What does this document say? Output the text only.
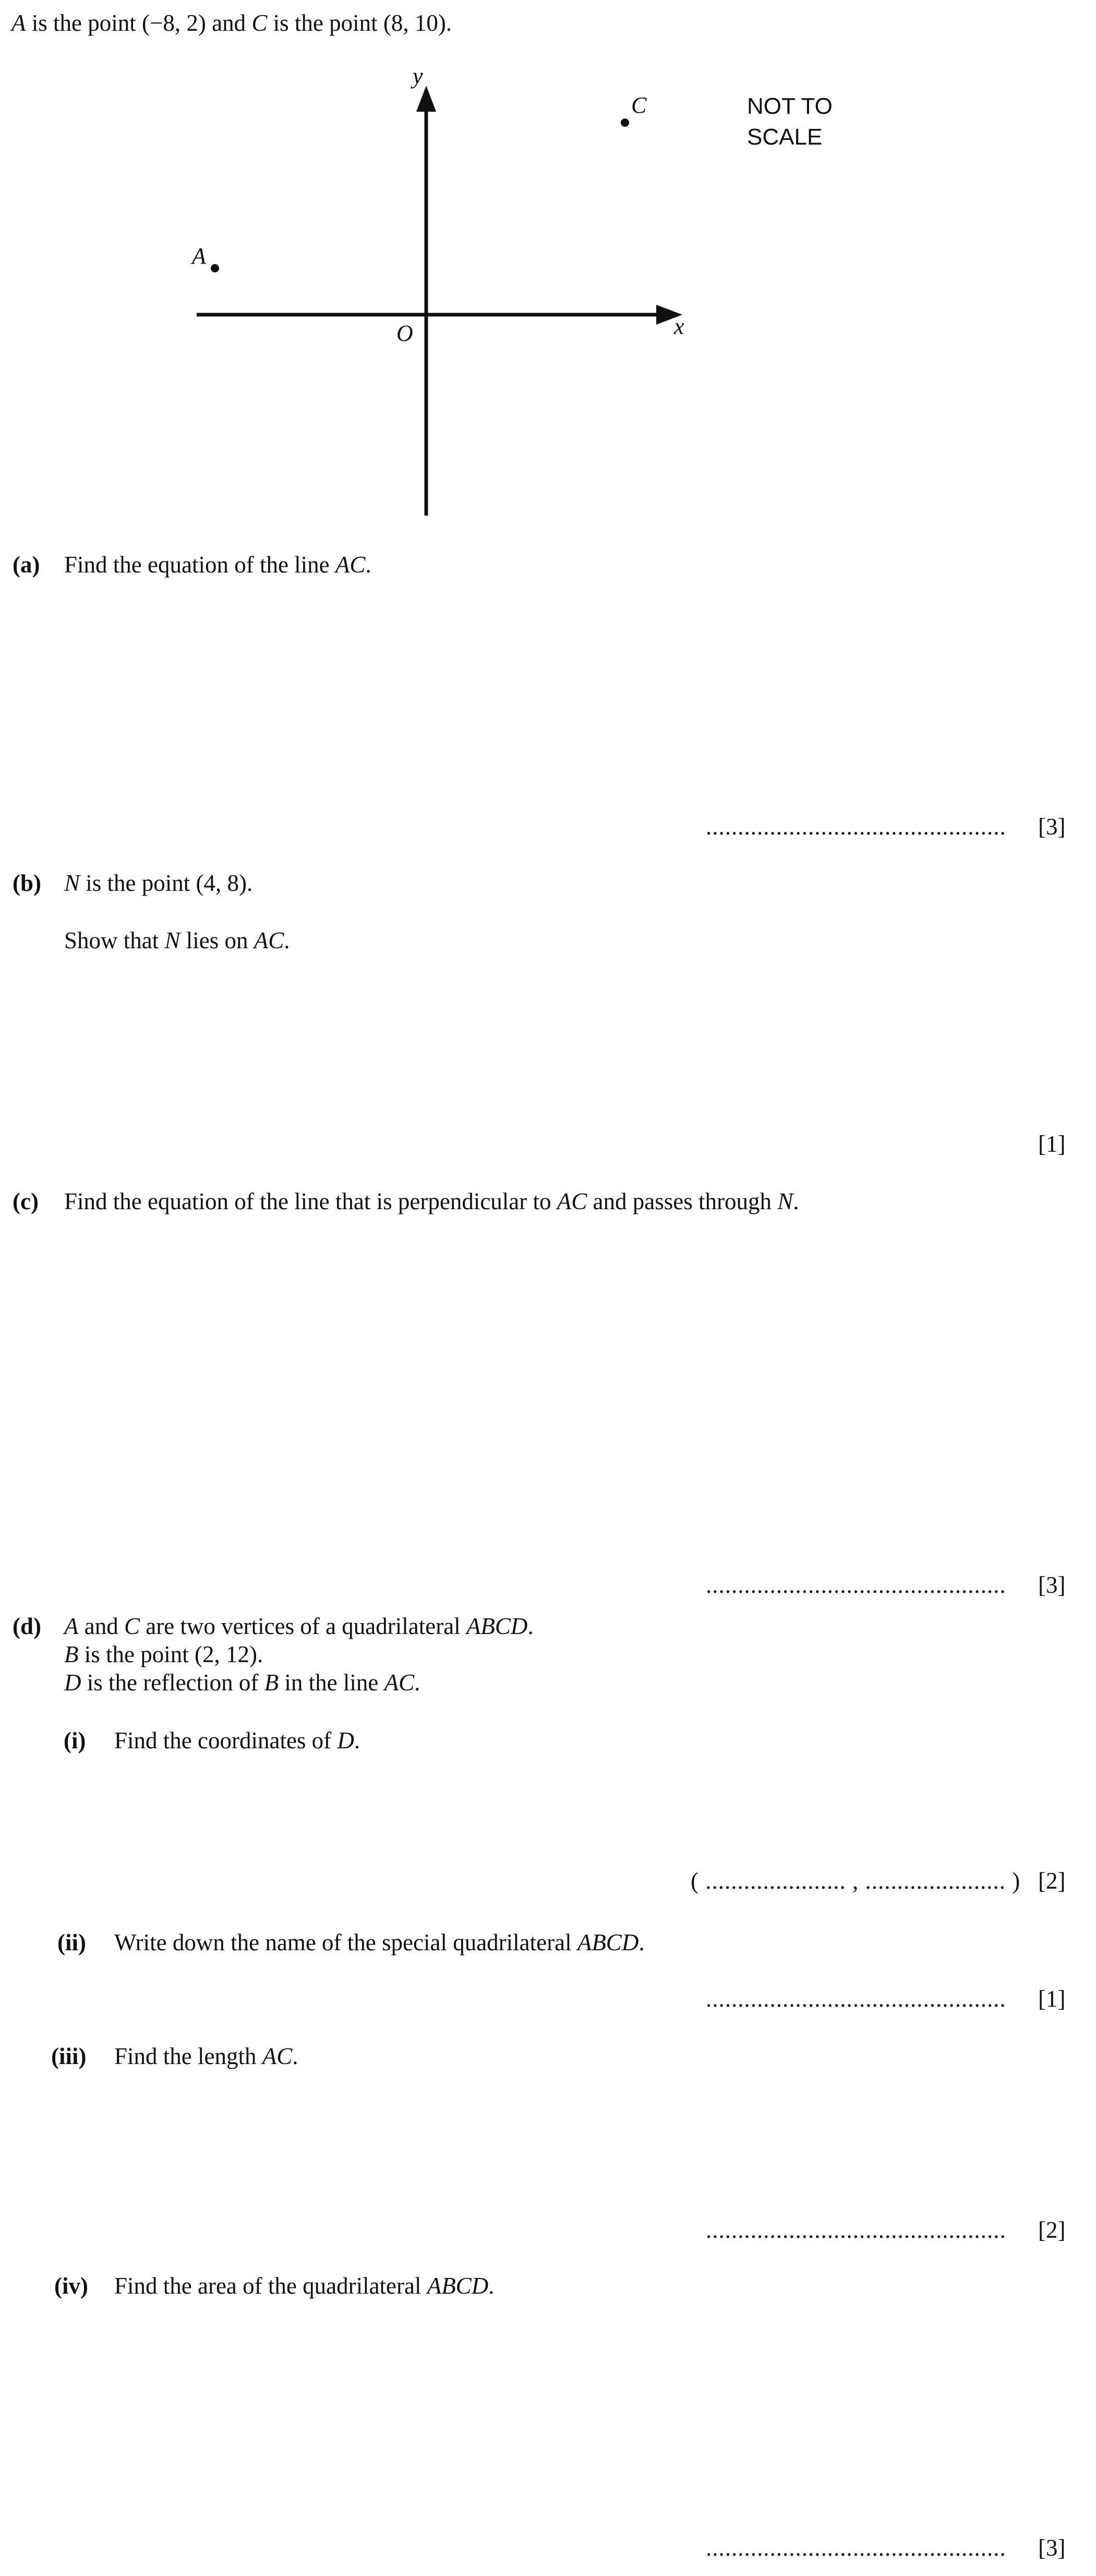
A is the point (−8, 2) and C is the point (8, 10).
x
y
O
A
C	NOT TO
SCALE
(a) Find the equation of the line AC.
............................................... [3]
(b) N is the point (4, 8).
Show that N lies on AC.
[1]
(c) Find the equation of the line that is perpendicular to AC and passes through N.
............................................... [3]
(d) A and C are two vertices of a quadrilateral ABCD.
B is the point (2, 12).
D is the reflection of B in the line AC.
(i) Find the coordinates of D.
( ...................... , ...................... ) [2]
(ii) Write down the name of the special quadrilateral ABCD.
............................................... [1]
(iii) Find the length AC.
............................................... [2]
(iv) Find the area of the quadrilateral ABCD.
............................................... [3]
